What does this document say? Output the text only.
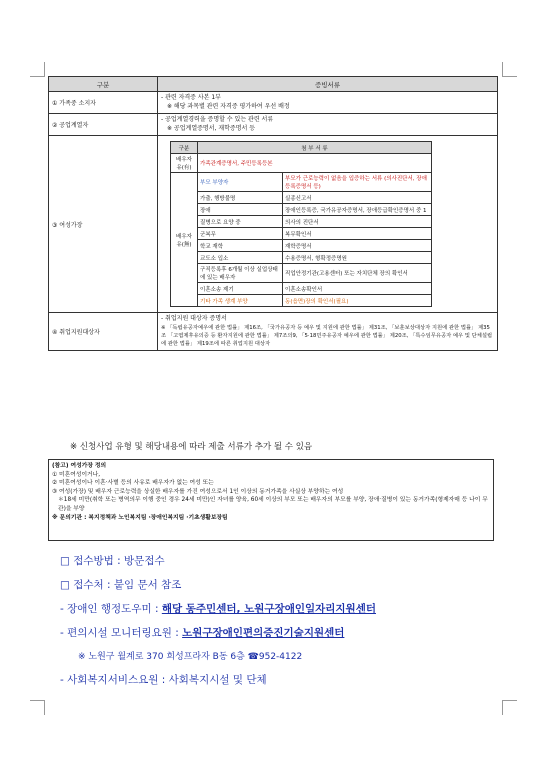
구분	증빙서류
① 가족중 소지자	
- 관련 자격증 사본 1부
※ 해당 과목별 관련 자격증 평가하여 우선 배정

② 공업계열자	
- 공업계열경력을 증명할 수 있는 관련 서류
※ 공업계열증명서, 재학증명서 등

③ 여성가장	
구분	첨 부 서 류
배우자 유(有)	가족관계증명서, 주민등록등본
배우자 유(無)	부모 부양자	부모가 근로능력이 없음을 입증하는 서류 (의사진단서, 장애등록증명서 등)
가출, 행방불명	실종신고서
장애	장애인등록증, 국가유공자증명서, 장애등급확인증명서 중 1
질병으로 요양 중	의사의 진단서
군복무	복무확인서
학교 재학	재학증명서
교도소 입소	수용증명서, 형확정증명원
구직등록후 6개월 이상 실업상태에 있는 배우자	직업안정기관(고용센터) 또는 자치단체 장의 확인서
이혼소송 제기	이혼소송확인서
기타 가족 생계 부양	동(읍면)장의 확인서(필요)

④ 취업지원대상자	
- 취업지원 대상자 증명서
※ 「독립유공자예우에 관한 법률」 제16조, 「국가유공자 등 예우 및 지원에 관한 법률」 제31조, 「보훈보상대상자 지원에 관한 법률」 제35조 「고엽제후유의증 등 환자지원에 관한 법률」 제7조의9, 「5·18민주유공자 예우에 관한 법률」 제20조, 「특수임무유공자 예우 및 단체설립에 관한 법률」 제19조에 따른 취업지원 대상자
※ 신청사업 유형 및 해당내용에 따라 제출 서류가 추가 될 수 있음
(참고) 여성가장 정의
① 미혼여성이거나,
② 미혼여성이나 이혼·사별 등의 사유로 배우자가 없는 여성 또는
③ 여성(가장) 및 배우자 근로능력을 상실한 배우자를 가진 여성으로서 1인 이상의 동거가족을 사실상 부양하는 여성
＊18세 미만(취학 또는 병역의무 이행 중인 경우 24세 미만)인 자녀를 양육, 60세 이상의 부모 또는 배우자의 부모를 부양, 장애·질병이 있는 동거가족(형제자매 등 나이 무관)을 부양
※ 문의기관 : 복지정책과 노인복지팀 ·장애인복지팀 ·기초생활보장팀
□ 접수방법 : 방문접수
□ 접수처 : 붙임 문서 참조
- 장애인 행정도우미 : 해당 동주민센터, 노원구장애인일자리지원센터
- 편의시설 모니터링요원 : 노원구장애인편의증진기술지원센터
※ 노원구 월계로 370 희성프라자 B동 6층 ☎952-4122
- 사회복지서비스요원 : 사회복지시설 및 단체
